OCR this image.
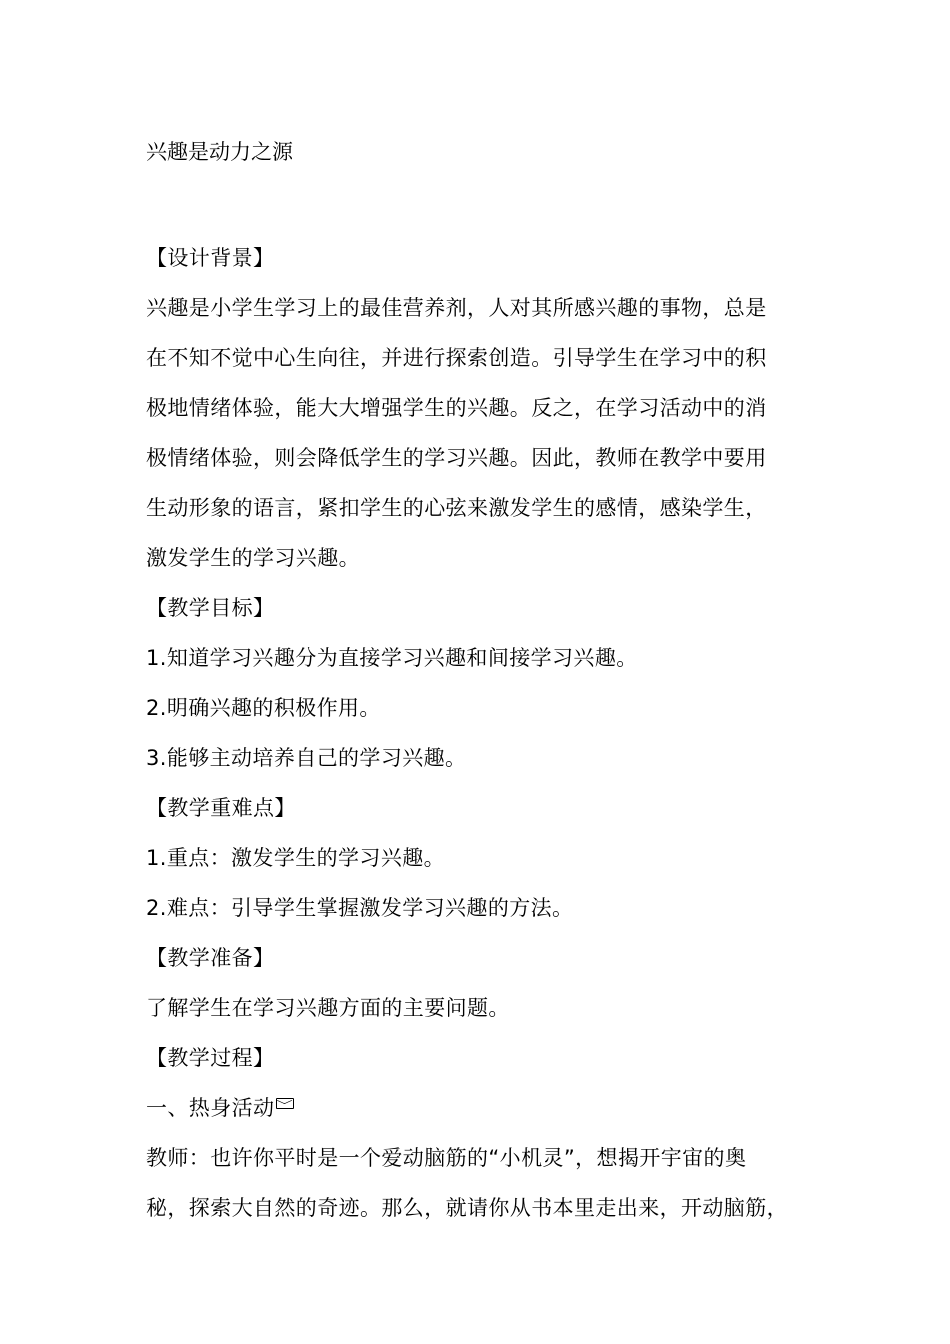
兴趣是动力之源
【设计背景】
兴趣是小学生学习上的最佳营养剂，人对其所感兴趣的事物，总是
在不知不觉中心生向往，并进行探索创造。引导学生在学习中的积
极地情绪体验，能大大增强学生的兴趣。反之，在学习活动中的消
极情绪体验，则会降低学生的学习兴趣。因此，教师在教学中要用
生动形象的语言，紧扣学生的心弦来激发学生的感情，感染学生，
激发学生的学习兴趣。
【教学目标】
1.知道学习兴趣分为直接学习兴趣和间接学习兴趣。
2.明确兴趣的积极作用。
3.能够主动培养自己的学习兴趣。
【教学重难点】
1.重点：激发学生的学习兴趣。
2.难点：引导学生掌握激发学习兴趣的方法。
【教学准备】
了解学生在学习兴趣方面的主要问题。
【教学过程】
一、热身活动
教师：也许你平时是一个爱动脑筋的“小机灵”，想揭开宇宙的奥
秘，探索大自然的奇迹。那么，就请你从书本里走出来，开动脑筋，
